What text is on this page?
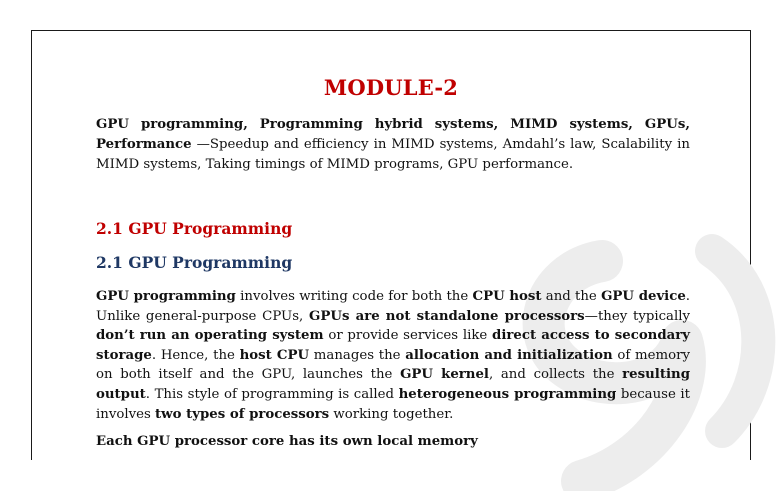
MODULE-2
GPU programming, Programming hybrid systems, MIMD systems, GPUs, Performance —Speedup and efficiency in MIMD systems, Amdahl’s law, Scalability in MIMD systems, Taking timings of MIMD programs, GPU performance.
2.1 GPU Programming
2.1 GPU Programming
GPU programming involves writing code for both the CPU host and the GPU device. Unlike general-purpose CPUs, GPUs are not standalone processors—they typically don’t run an operating system or provide services like direct access to secondary storage. Hence, the host CPU manages the allocation and initialization of memory on both itself and the GPU, launches the GPU kernel, and collects the resulting output. This style of programming is called heterogeneous programming because it involves two types of processors working together.
Each GPU processor core has its own local memory
